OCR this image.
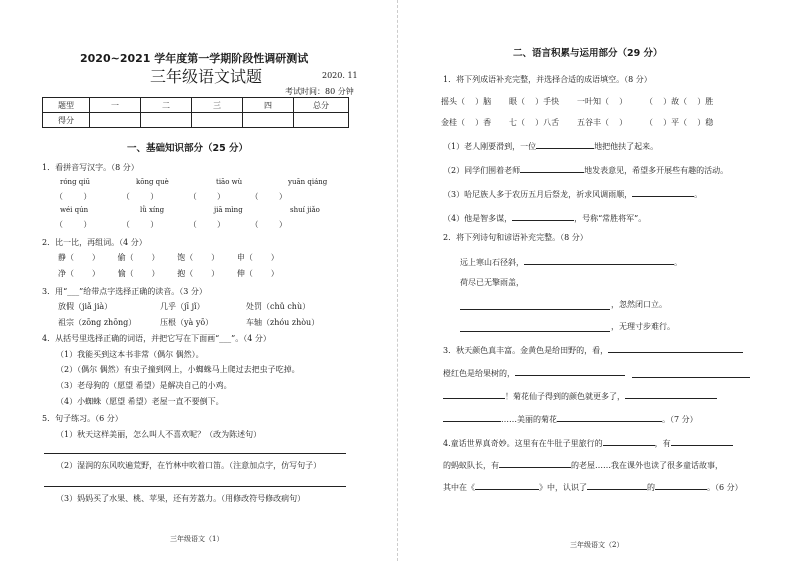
2020~2021 学年度第一学期阶段性调研测试
三年级语文试题	2020. 11
考试时间：80 分钟
题型	一	二	三	四	总分
得分					
一、基础知识部分（25 分）
1．看拼音写汉字。（8 分）
róng qiū	kōng què	tiāo wù	yuān qiáng
（        ）            （        ）            （        ）          （        ）
wéi qún	lǜ xíng	jiā mìng	shuí jiǎo
（        ）            （        ）            （        ）          （        ）
2．比一比，再组词。（4 分）
静（ ） 偷（ ） 饱（ ） 申（ ）
净（ ） 愉（ ） 抱（ ） 伸（ ）
3．用“___”给带点字选择正确的读音。（3 分）
放假（jiǎ jià）	几乎（jī jǐ）	处罚（chǔ chù）
祖宗（zōng zhōng）	压根（yà yō）	车轴（zhóu zhòu）
4．从括号里选择正确的词语，并把它写在下面画“___”。（4 分）
（1）我能买到这本书非常（偶尔 偶然）。
（2）（偶尔 偶然）有虫子撞到网上，小蜘蛛马上爬过去把虫子吃掉。
（3）老母狗的（愿望 希望）是解决自己的小鸡。
（4）小蜘蛛（愿望 希望）老屋一直不要倒下。
5．句子练习。（6 分）
（1）秋天这样美丽，怎么叫人不喜欢呢？（改为陈述句）
（2）湿润的东风吹遍荒野，在竹林中吹着口笛。（注意加点字，仿写句子）
（3）妈妈买了水果、桃、苹果，还有芳荔力。（用修改符号修改病句）
三年级语文（1）
二、语言积累与运用部分（29 分）
1．将下列成语补充完整，并选择合适的成语填空。（8 分）
摇头（ ）脑 眼（ ）手快 一叶知（ ） （ ）故（ ）胜
金桂（ ）香 七（ ）八舌 五谷丰（ ） （ ）平（ ）稳
（1）老人刚要滑到，一位	地把他扶了起来。
（2）同学们围着老师	地发表意见，希望多开展些有趣的活动。
（3）哈尼族人多于农历五月后祭龙，祈求风调雨顺，	。
（4）他是智多谋，	，号称“常胜将军”。
2．将下列诗句和谚语补充完整。（8 分）
远上寒山石径斜，	。
荷尽已无擎雨盖，
，忽然闭口立。
，无理寸步难行。
3．秋天颜色真丰富。金黄色是给田野的，看，
橙红色是给果树的，
！菊花仙子得到的颜色就更多了，
……美丽的菊花	。（7 分）
4.童话世界真奇妙。这里有在牛肚子里旅行的	，有
的蚂蚁队长，有	的老屋……我在课外也读了很多童话故事，
其中在《	》中，认识了	的	。（6 分）
三年级语文（2）
